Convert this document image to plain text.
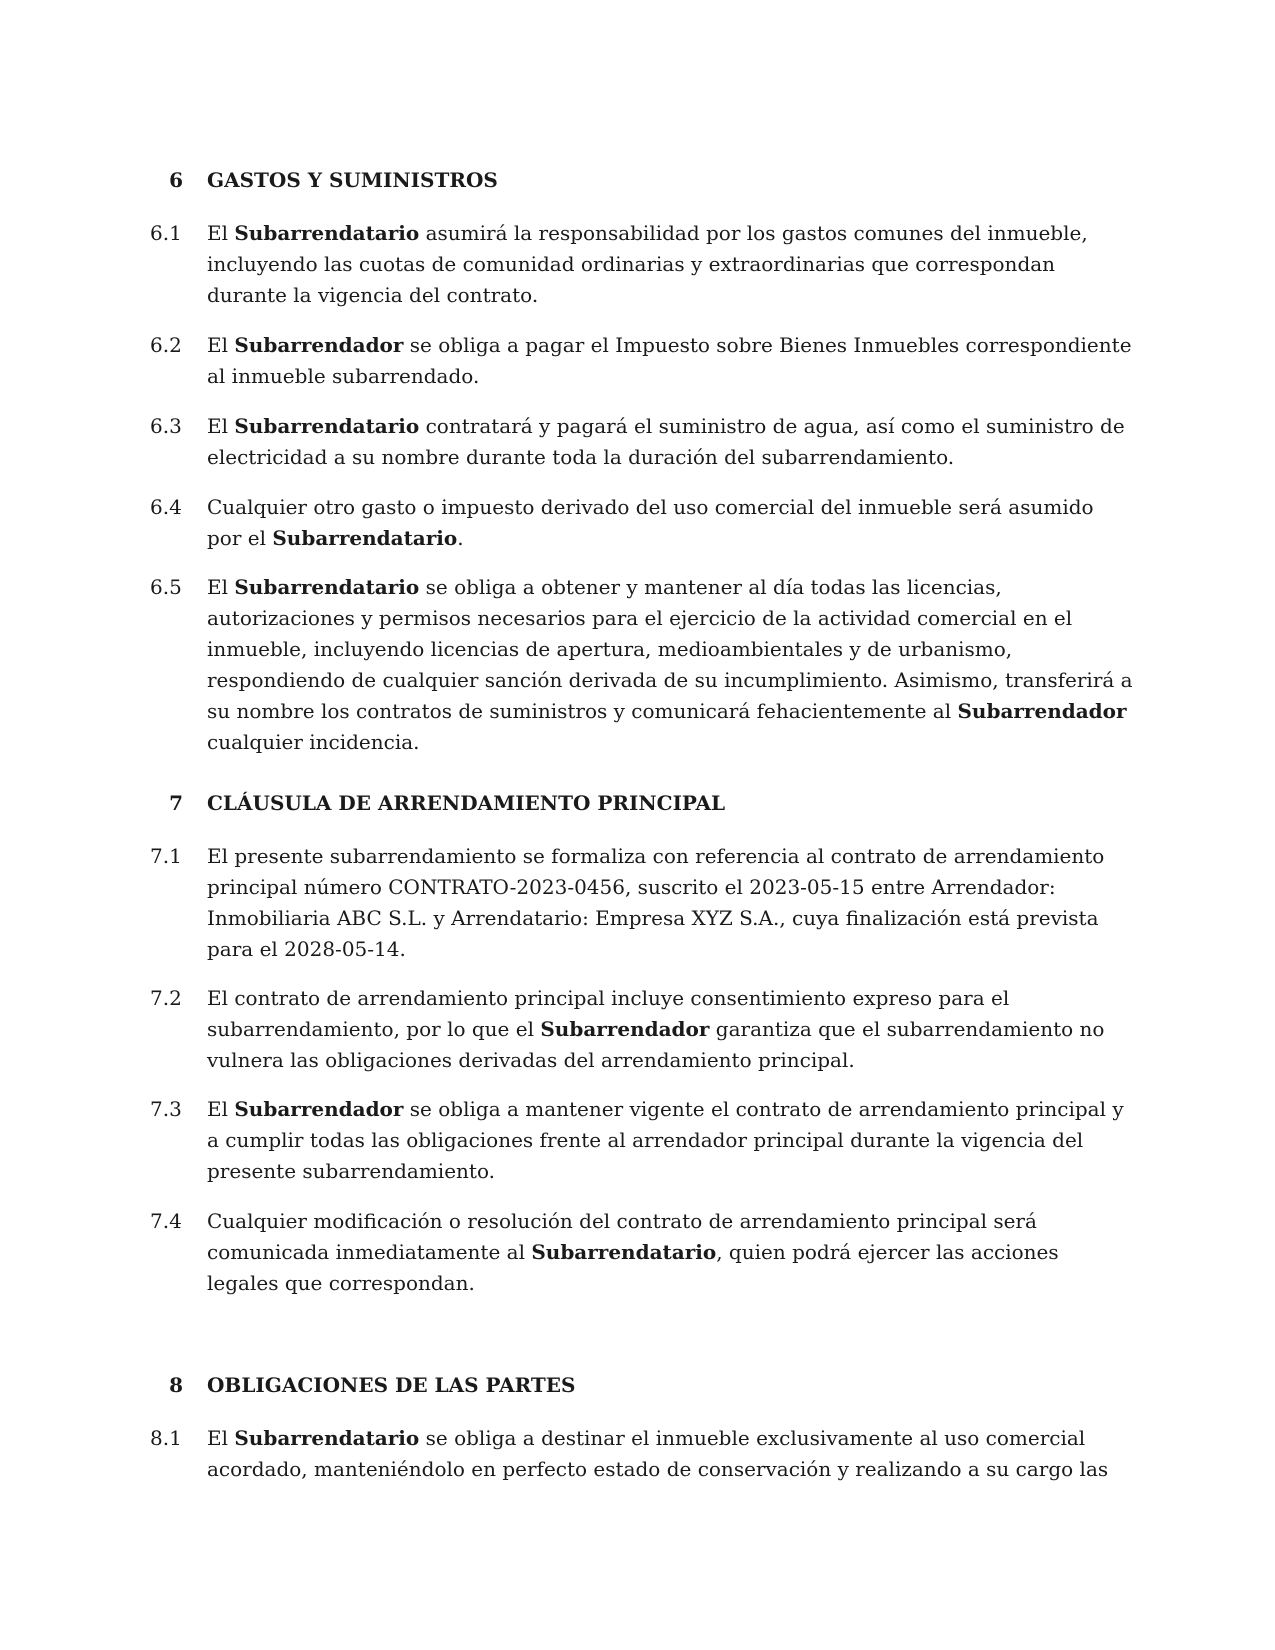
6 GASTOS Y SUMINISTROS
6.1	El Subarrendatario asumirá la responsabilidad por los gastos comunes del inmueble, incluyendo las cuotas de comunidad ordinarias y extraordinarias que correspondan durante la vigencia del contrato.
6.2	El Subarrendador se obliga a pagar el Impuesto sobre Bienes Inmuebles correspondiente al inmueble subarrendado.
6.3	El Subarrendatario contratará y pagará el suministro de agua, así como el suministro de electricidad a su nombre durante toda la duración del subarrendamiento.
6.4	Cualquier otro gasto o impuesto derivado del uso comercial del inmueble será asumido por el Subarrendatario.
6.5	El Subarrendatario se obliga a obtener y mantener al día todas las licencias, autorizaciones y permisos necesarios para el ejercicio de la actividad comercial en el inmueble, incluyendo licencias de apertura, medioambientales y de urbanismo, respondiendo de cualquier sanción derivada de su incumplimiento. Asimismo, transferirá a su nombre los contratos de suministros y comunicará fehacientemente al Subarrendador cualquier incidencia.
7 CLÁUSULA DE ARRENDAMIENTO PRINCIPAL
7.1	El presente subarrendamiento se formaliza con referencia al contrato de arrendamiento principal número CONTRATO-2023-0456, suscrito el 2023-05-15 entre Arrendador: Inmobiliaria ABC S.L. y Arrendatario: Empresa XYZ S.A., cuya finalización está prevista para el 2028-05-14.
7.2	El contrato de arrendamiento principal incluye consentimiento expreso para el subarrendamiento, por lo que el Subarrendador garantiza que el subarrendamiento no vulnera las obligaciones derivadas del arrendamiento principal.
7.3	El Subarrendador se obliga a mantener vigente el contrato de arrendamiento principal y a cumplir todas las obligaciones frente al arrendador principal durante la vigencia del presente subarrendamiento.
7.4	Cualquier modificación o resolución del contrato de arrendamiento principal será comunicada inmediatamente al Subarrendatario, quien podrá ejercer las acciones legales que correspondan.
8 OBLIGACIONES DE LAS PARTES
8.1	El Subarrendatario se obliga a destinar el inmueble exclusivamente al uso comercial acordado, manteniéndolo en perfecto estado de conservación y realizando a su cargo las
